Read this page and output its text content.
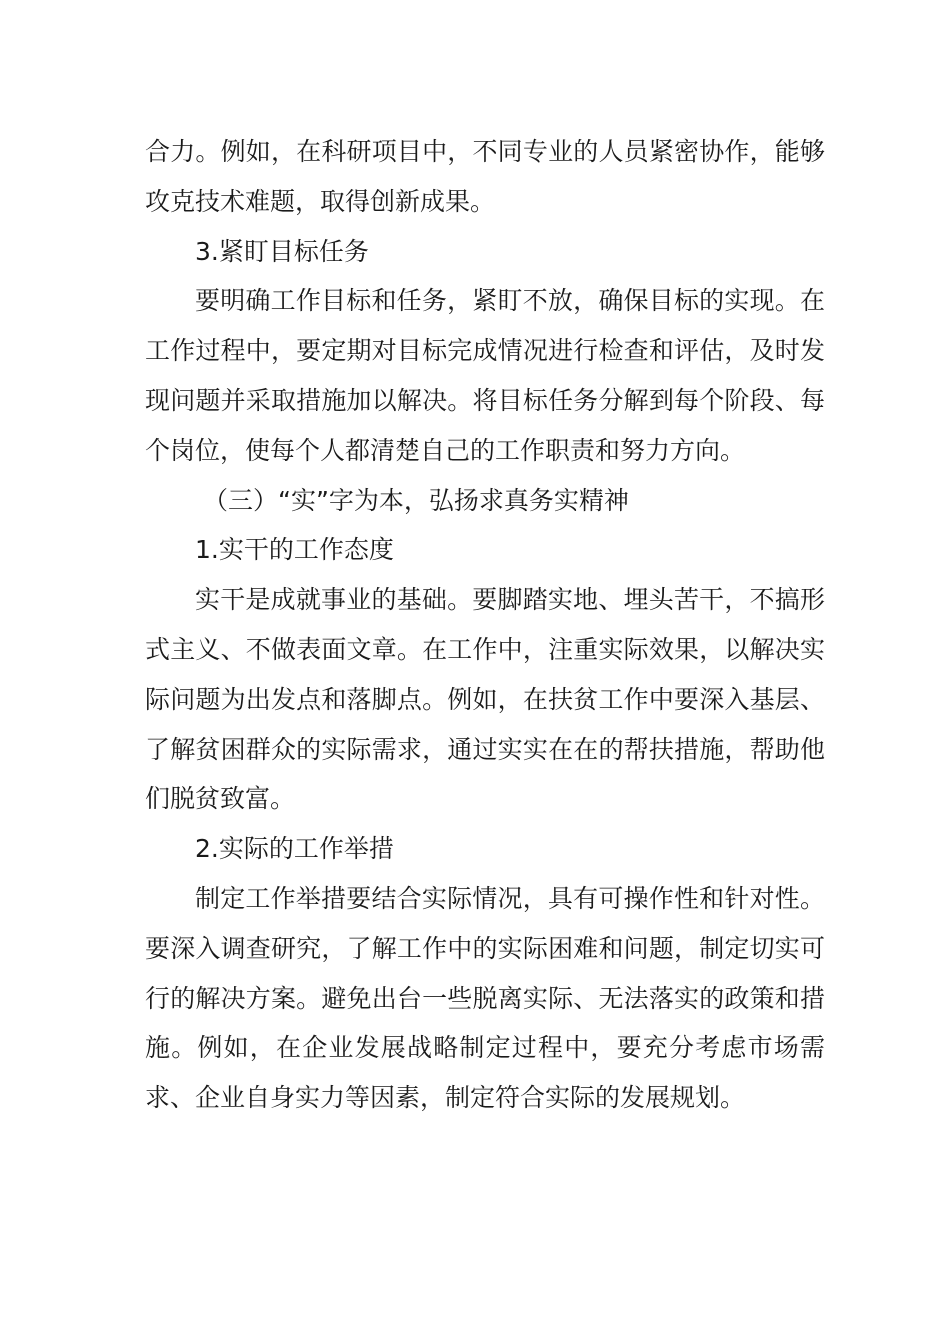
合力。例如，在科研项目中，不同专业的人员紧密协作，能够攻克技术难题，取得创新成果。

3.紧盯目标任务

要明确工作目标和任务，紧盯不放，确保目标的实现。在工作过程中，要定期对目标完成情况进行检查和评估，及时发现问题并采取措施加以解决。将目标任务分解到每个阶段、每个岗位，使每个人都清楚自己的工作职责和努力方向。

（三）“实”字为本，弘扬求真务实精神

1.实干的工作态度

实干是成就事业的基础。要脚踏实地、埋头苦干，不搞形式主义、不做表面文章。在工作中，注重实际效果，以解决实际问题为出发点和落脚点。例如，在扶贫工作中要深入基层、了解贫困群众的实际需求，通过实实在在的帮扶措施，帮助他们脱贫致富。

2.实际的工作举措

制定工作举措要结合实际情况，具有可操作性和针对性。要深入调查研究，了解工作中的实际困难和问题，制定切实可行的解决方案。避免出台一些脱离实际、无法落实的政策和措施。例如，在企业发展战略制定过程中，要充分考虑市场需求、企业自身实力等因素，制定符合实际的发展规划。
